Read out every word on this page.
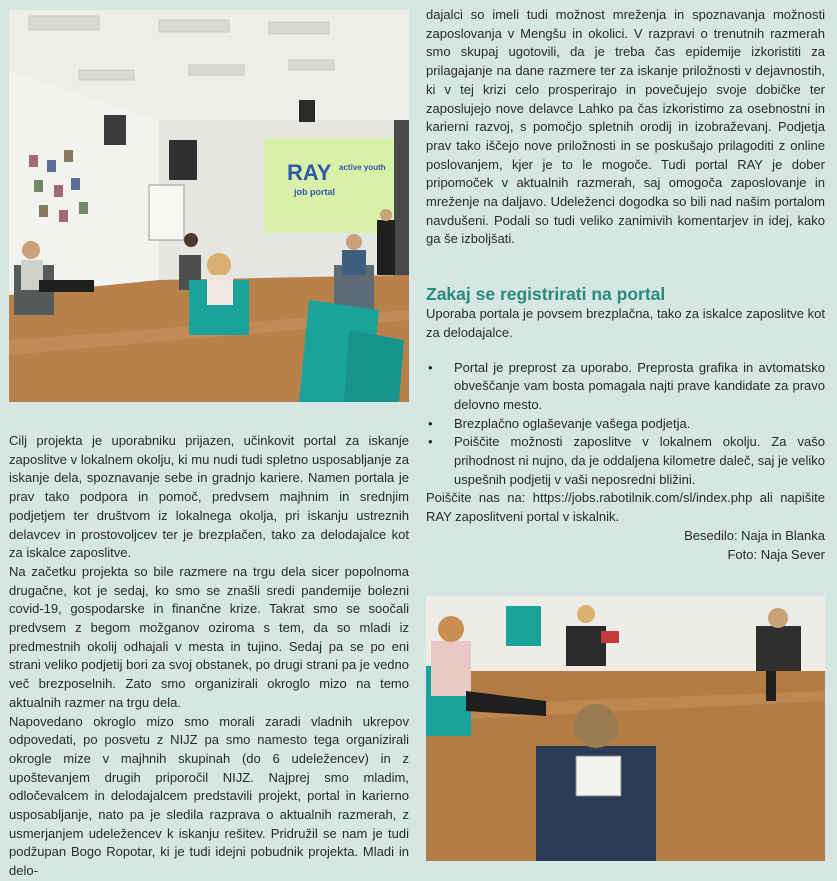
RAY active youth
job portal

Cilj projekta je uporabniku prijazen, učinkovit portal za iskanje zaposlitve v lokalnem okolju, ki mu nudi tudi spletno usposabljanje za iskanje dela, spoznavanje sebe in gradnjo kariere. Namen portala je prav tako podpora in pomoč, predvsem majhnim in srednjim podjetjem ter društvom iz lokalnega okolja, pri iskanju ustreznih delavcev in prostovoljcev ter je brezplačen, tako za delodajalce kot za iskalce zaposlitve.

Na začetku projekta so bile razmere na trgu dela sicer popolnoma drugačne, kot je sedaj, ko smo se znašli sredi pandemije bolezni covid-19, gospodarske in finančne krize. Takrat smo se soočali predvsem z begom možganov oziroma s tem, da so mladi iz predmestnih okolij odhajali v mesta in tujino. Sedaj pa se po eni strani veliko podjetij bori za svoj obstanek, po drugi strani pa je vedno več brezposelnih. Zato smo organizirali okroglo mizo na temo aktualnih razmer na trgu dela.

Napovedano okroglo mizo smo morali zaradi vladnih ukrepov odpovedati, po posvetu z NIJZ pa smo namesto tega organizirali okrogle mize v majhnih skupinah (do 6 udeležencev) in z upoštevanjem drugih priporočil NIJZ. Najprej smo mladim, odločevalcem in delodajalcem predstavili projekt, portal in karierno usposabljanje, nato pa je sledila razprava o aktualnih razmerah, z usmerjanjem udeležencev k iskanju rešitev. Pridružil se nam je tudi podžupan Bogo Ropotar, ki je tudi idejni pobudnik projekta. Mladi in delo-

dajalci so imeli tudi možnost mreženja in spoznavanja možnosti zaposlovanja v Mengšu in okolici. V razpravi o trenutnih razmerah smo skupaj ugotovili, da je treba čas epidemije izkoristiti za prilagajanje na dane razmere ter za iskanje priložnosti v dejavnostih, ki v tej krizi celo prosperirajo in povečujejo svoje dobičke ter zaposlujejo nove delavce Lahko pa čas izkoristimo za osebnostni in karierni razvoj, s pomočjo spletnih orodij in izobraževanj. Podjetja prav tako iščejo nove priložnosti in se poskušajo prilagoditi z online poslovanjem, kjer je to le mogoče. Tudi portal RAY je dober pripomoček v aktualnih razmerah, saj omogoča zaposlovanje in mreženje na daljavo. Udeleženci dogodka so bili nad našim portalom navdušeni. Podali so tudi veliko zanimivih komentarjev in idej, kako ga še izboljšati.

Zakaj se registrirati na portal

Uporaba portala je povsem brezplačna, tako za iskalce zaposlitve kot za delodajalce.

• Portal je preprost za uporabo. Preprosta grafika in avtomatsko obveščanje vam bosta pomagala najti prave kandidate za pravo delovno mesto.
• Brezplačno oglaševanje vašega podjetja.
• Poiščite možnosti zaposlitve v lokalnem okolju. Za vašo prihodnost ni nujno, da je oddaljena kilometre daleč, saj je veliko uspešnih podjetij v vaši neposredni bližini.

Poiščite nas na: https://jobs.rabotilnik.com/sl/index.php ali napišite RAY zaposlitveni portal v iskalnik.

Besedilo: Naja in Blanka

Foto: Naja Sever
